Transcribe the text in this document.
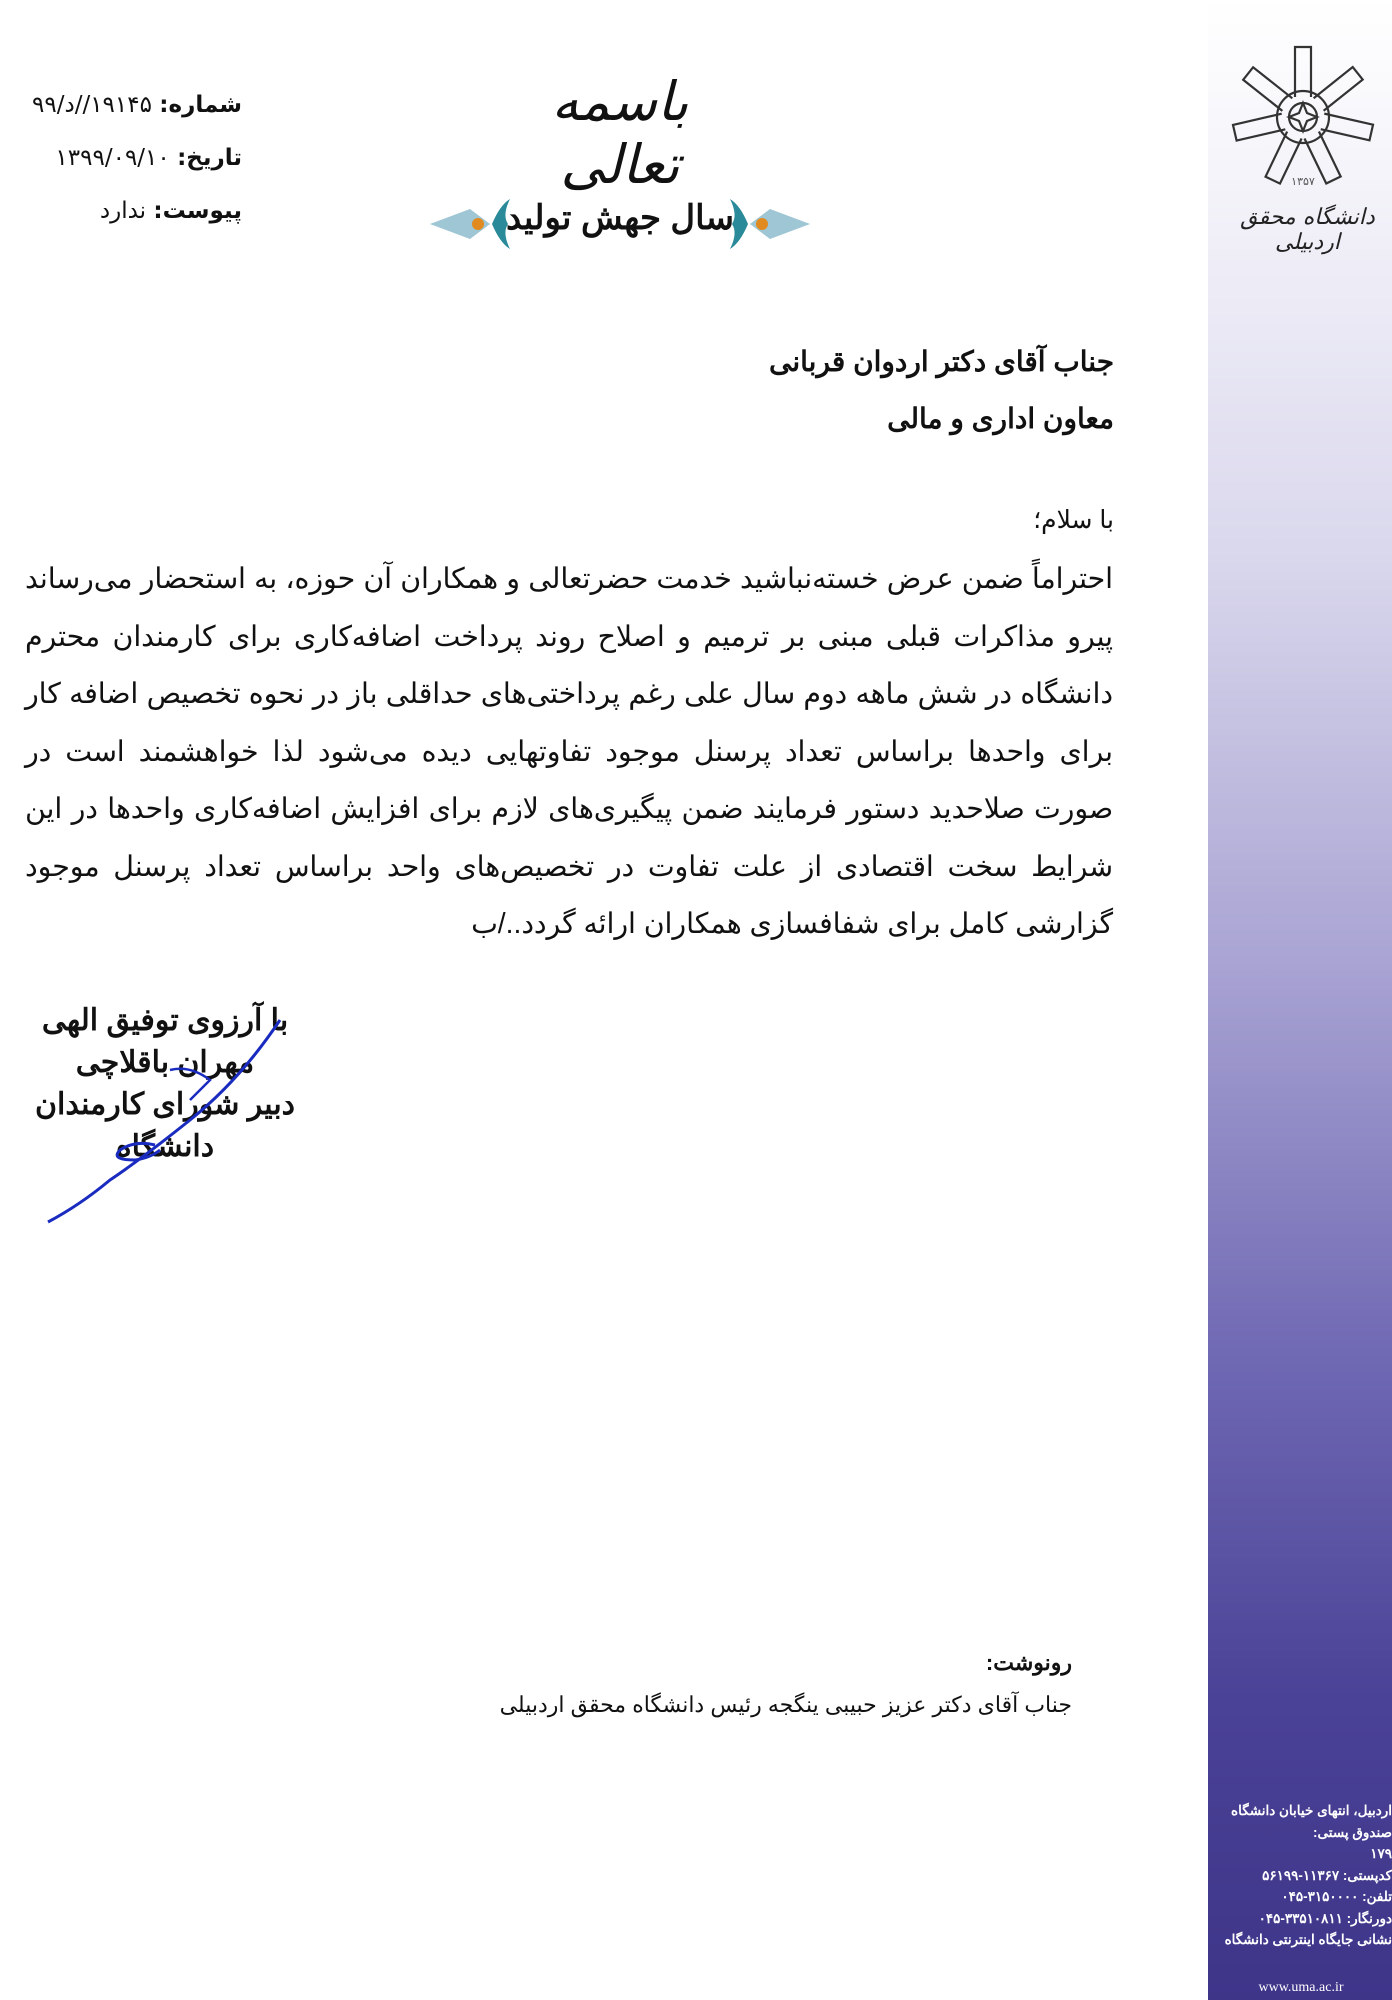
۱۳۵۷
دانشگاه محقق اردبیلی
اردبیل، انتهای خیابان دانشگاه
صندوق پستی:
۱۷۹
کدپستی: ۱۱۳۶۷-۵۶۱۹۹
تلفن: ۳۱۵۰۰۰۰-۰۴۵
دورنگار: ۳۳۵۱۰۸۱۱-۰۴۵
نشانی جایگاه اینترنتی دانشگاه
www.uma.ac.ir
شماره: ۱۹۱۴۵//د/۹۹
تاریخ: ۱۳۹۹/۰۹/۱۰
پیوست: ندارد
باسمه تعالی
سال جهش تولید
جناب آقای دکتر اردوان قربانی
معاون اداری و مالی
با سلام؛
احتراماً ضمن عرض خسته‌نباشید خدمت حضرتعالی و همکاران آن حوزه، به استحضار می‌رساند پیرو مذاکرات قبلی مبنی بر ترمیم و اصلاح روند پرداخت اضافه‌کاری برای کارمندان محترم دانشگاه در شش ماهه دوم سال علی رغم پرداختی‌های حداقلی باز در نحوه تخصیص اضافه کار برای واحدها براساس تعداد پرسنل موجود تفاوتهایی دیده می‌شود لذا خواهشمند است در صورت صلاحدید دستور فرمایند ضمن پیگیری‌های لازم برای افزایش اضافه‌کاری واحدها در این شرایط سخت اقتصادی از علت تفاوت در تخصیص‌های واحد براساس تعداد پرسنل موجود گزارشی کامل برای شفافسازی همکاران ارائه گردد../ب
با آرزوی توفیق الهی
مهران باقلاچی
دبیر شورای کارمندان دانشگاه
رونوشت:
جناب آقای دکتر عزیز حبیبی ینگجه رئیس دانشگاه محقق اردبیلی
